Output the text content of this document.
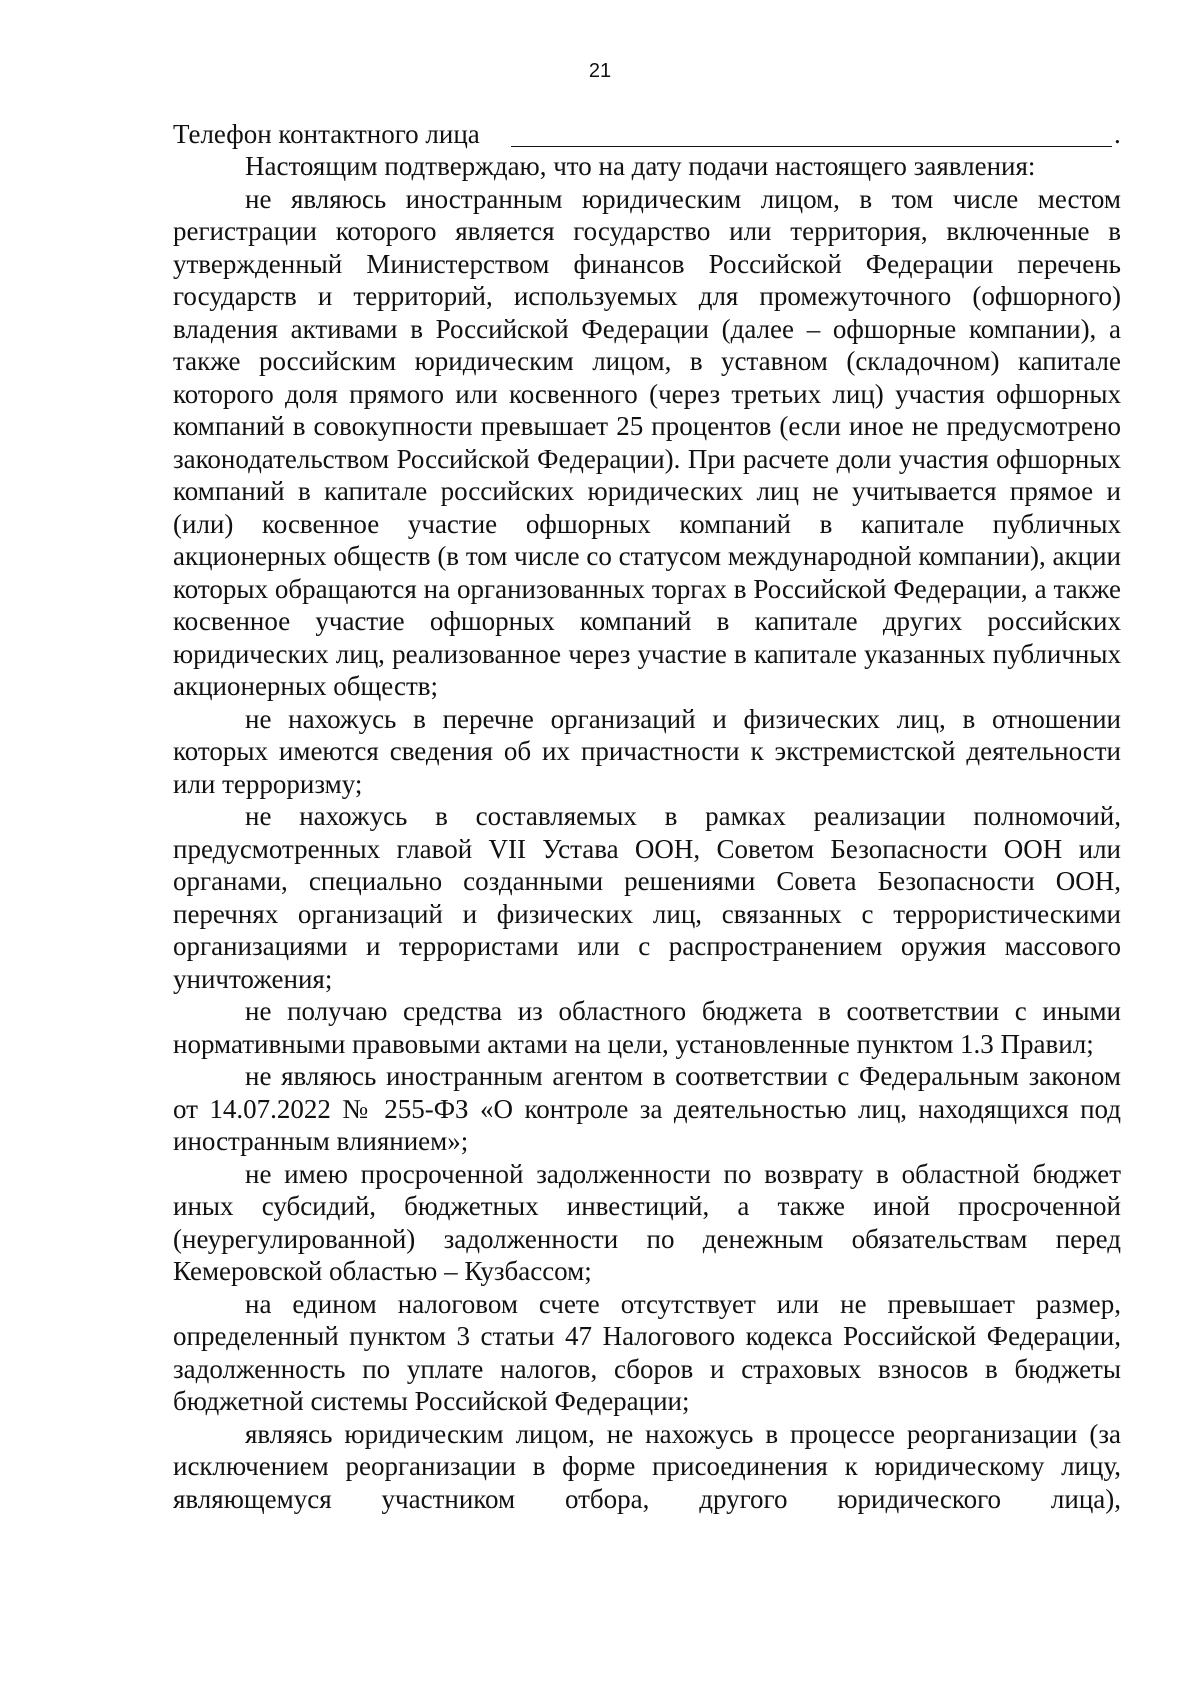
21
Телефон контактного лица	.

Настоящим подтверждаю, что на дату подачи настоящего заявления:

не являюсь иностранным юридическим лицом, в том числе местом регистрации которого является государство или территория, включенные в утвержденный Министерством финансов Российской Федерации перечень государств и территорий, используемых для промежуточного (офшорного) владения активами в Российской Федерации (далее – офшорные компании), а также российским юридическим лицом, в уставном (складочном) капитале которого доля прямого или косвенного (через третьих лиц) участия офшорных компаний в совокупности превышает 25 процентов (если иное не предусмотрено законодательством Российской Федерации). При расчете доли участия офшорных компаний в капитале российских юридических лиц не учитывается прямое и (или) косвенное участие офшорных компаний в капитале публичных акционерных обществ (в том числе со статусом международной компании), акции которых обращаются на организованных торгах в Российской Федерации, а также косвенное участие офшорных компаний в капитале других российских юридических лиц, реализованное через участие в капитале указанных публичных акционерных обществ;

не нахожусь в перечне организаций и физических лиц, в отношении которых имеются сведения об их причастности к экстремистской деятельности или терроризму;

не нахожусь в составляемых в рамках реализации полномочий, предусмотренных главой VII Устава ООН, Советом Безопасности ООН или органами, специально созданными решениями Совета Безопасности ООН, перечнях организаций и физических лиц, связанных с террористическими организациями и террористами или с распространением оружия массового уничтожения;

не получаю средства из областного бюджета в соответствии с иными нормативными правовыми актами на цели, установленные пунктом 1.3 Правил;

не являюсь иностранным агентом в соответствии с Федеральным законом от 14.07.2022 № 255-ФЗ «О контроле за деятельностью лиц, находящихся под иностранным влиянием»;

не имею просроченной задолженности по возврату в областной бюджет иных субсидий, бюджетных инвестиций, а также иной просроченной (неурегулированной) задолженности по денежным обязательствам перед Кемеровской областью – Кузбассом;

на едином налоговом счете отсутствует или не превышает размер, определенный пунктом 3 статьи 47 Налогового кодекса Российской Федерации, задолженность по уплате налогов, сборов и страховых взносов в бюджеты бюджетной системы Российской Федерации;

являясь юридическим лицом, не нахожусь в процессе реорганизации (за исключением реорганизации в форме присоединения к юридическому лицу, являющемуся участником отбора, другого юридического лица),
